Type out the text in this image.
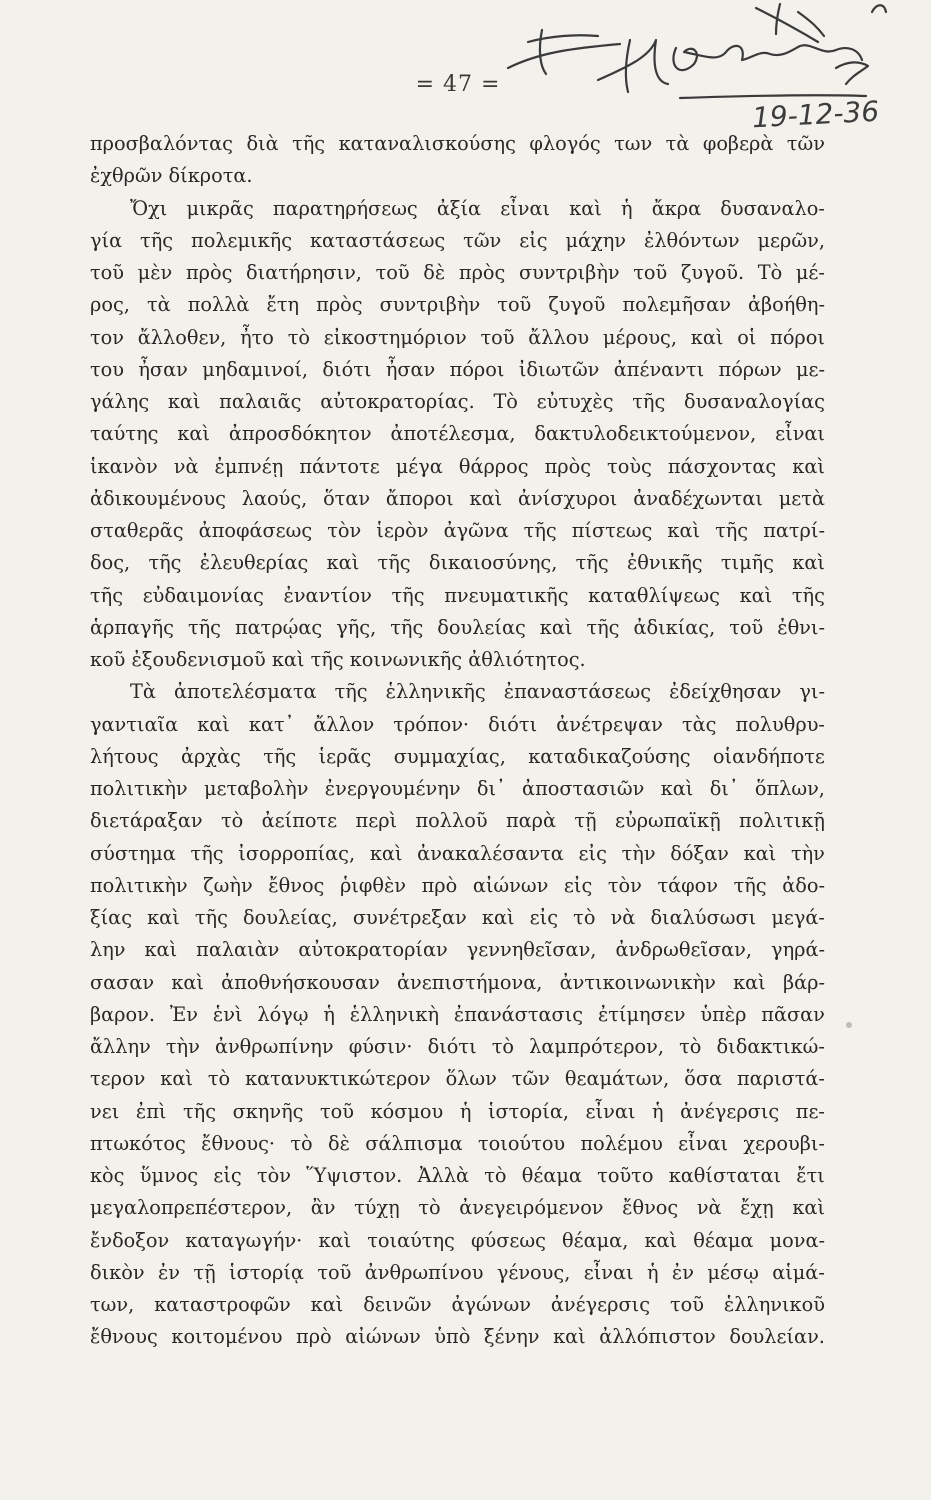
= 47 =
19-12-36
προσβαλόντας διὰ τῆς καταναλισκούσης φλογός των τὰ φοβερὰ τῶν
ἐχθρῶν δίκροτα.
Ὄχι μικρᾶς παρατηρήσεως ἀξία εἶναι καὶ ἡ ἄκρα δυσαναλο-
γία τῆς πολεμικῆς καταστάσεως τῶν εἰς μάχην ἐλθόντων μερῶν,
τοῦ μὲν πρὸς διατήρησιν, τοῦ δὲ πρὸς συντριβὴν τοῦ ζυγοῦ. Τὸ μέ-
ρος, τὰ πολλὰ ἔτη πρὸς συντριβὴν τοῦ ζυγοῦ πολεμῆσαν ἀβοήθη-
τον ἄλλοθεν, ἦτο τὸ εἰκοστημόριον τοῦ ἄλλου μέρους, καὶ οἱ πόροι
του ἦσαν μηδαμινοί, διότι ἦσαν πόροι ἰδιωτῶν ἀπέναντι πόρων με-
γάλης καὶ παλαιᾶς αὐτοκρατορίας. Τὸ εὐτυχὲς τῆς δυσαναλογίας
ταύτης καὶ ἀπροσδόκητον ἀποτέλεσμα, δακτυλοδεικτούμενον, εἶναι
ἱκανὸν νὰ ἐμπνέῃ πάντοτε μέγα θάρρος πρὸς τοὺς πάσχοντας καὶ
ἀδικουμένους λαούς, ὅταν ἄποροι καὶ ἀνίσχυροι ἀναδέχωνται μετὰ
σταθερᾶς ἀποφάσεως τὸν ἱερὸν ἀγῶνα τῆς πίστεως καὶ τῆς πατρί-
δος, τῆς ἐλευθερίας καὶ τῆς δικαιοσύνης, τῆς ἐθνικῆς τιμῆς καὶ
τῆς εὐδαιμονίας ἐναντίον τῆς πνευματικῆς καταθλίψεως καὶ τῆς
ἁρπαγῆς τῆς πατρῴας γῆς, τῆς δουλείας καὶ τῆς ἀδικίας, τοῦ ἐθνι-
κοῦ ἐξουδενισμοῦ καὶ τῆς κοινωνικῆς ἀθλιότητος.
Τὰ ἀποτελέσματα τῆς ἑλληνικῆς ἐπαναστάσεως ἐδείχθησαν γι-
γαντιαῖα καὶ κατ᾽ ἄλλον τρόπον· διότι ἀνέτρεψαν τὰς πολυθρυ-
λήτους ἀρχὰς τῆς ἱερᾶς συμμαχίας, καταδικαζούσης οἱανδήποτε
πολιτικὴν μεταβολὴν ἐνεργουμένην δι᾽ ἀποστασιῶν καὶ δι᾽ ὅπλων,
διετάραξαν τὸ ἀείποτε περὶ πολλοῦ παρὰ τῇ εὐρωπαϊκῇ πολιτικῇ
σύστημα τῆς ἰσορροπίας, καὶ ἀνακαλέσαντα εἰς τὴν δόξαν καὶ τὴν
πολιτικὴν ζωὴν ἔθνος ῥιφθὲν πρὸ αἰώνων εἰς τὸν τάφον τῆς ἀδο-
ξίας καὶ τῆς δουλείας, συνέτρεξαν καὶ εἰς τὸ νὰ διαλύσωσι μεγά-
λην καὶ παλαιὰν αὐτοκρατορίαν γεννηθεῖσαν, ἀνδρωθεῖσαν, γηρά-
σασαν καὶ ἀποθνήσκουσαν ἀνεπιστήμονα, ἀντικοινωνικὴν καὶ βάρ-
βαρον. Ἐν ἑνὶ λόγῳ ἡ ἑλληνικὴ ἐπανάστασις ἐτίμησεν ὑπὲρ πᾶσαν
ἄλλην τὴν ἀνθρωπίνην φύσιν· διότι τὸ λαμπρότερον, τὸ διδακτικώ-
τερον καὶ τὸ κατανυκτικώτερον ὅλων τῶν θεαμάτων, ὅσα παριστά-
νει ἐπὶ τῆς σκηνῆς τοῦ κόσμου ἡ ἱστορία, εἶναι ἡ ἀνέγερσις πε-
πτωκότος ἔθνους· τὸ δὲ σάλπισμα τοιούτου πολέμου εἶναι χερουβι-
κὸς ὕμνος εἰς τὸν Ὕψιστον. Ἀλλὰ τὸ θέαμα τοῦτο καθίσταται ἔτι
μεγαλοπρεπέστερον, ἂν τύχῃ τὸ ἀνεγειρόμενον ἔθνος νὰ ἔχῃ καὶ
ἔνδοξον καταγωγήν· καὶ τοιαύτης φύσεως θέαμα, καὶ θέαμα μονα-
δικὸν ἐν τῇ ἱστορίᾳ τοῦ ἀνθρωπίνου γένους, εἶναι ἡ ἐν μέσῳ αἱμά-
των, καταστροφῶν καὶ δεινῶν ἀγώνων ἀνέγερσις τοῦ ἑλληνικοῦ
ἔθνους κοιτομένου πρὸ αἰώνων ὑπὸ ξένην καὶ ἀλλόπιστον δουλείαν.
